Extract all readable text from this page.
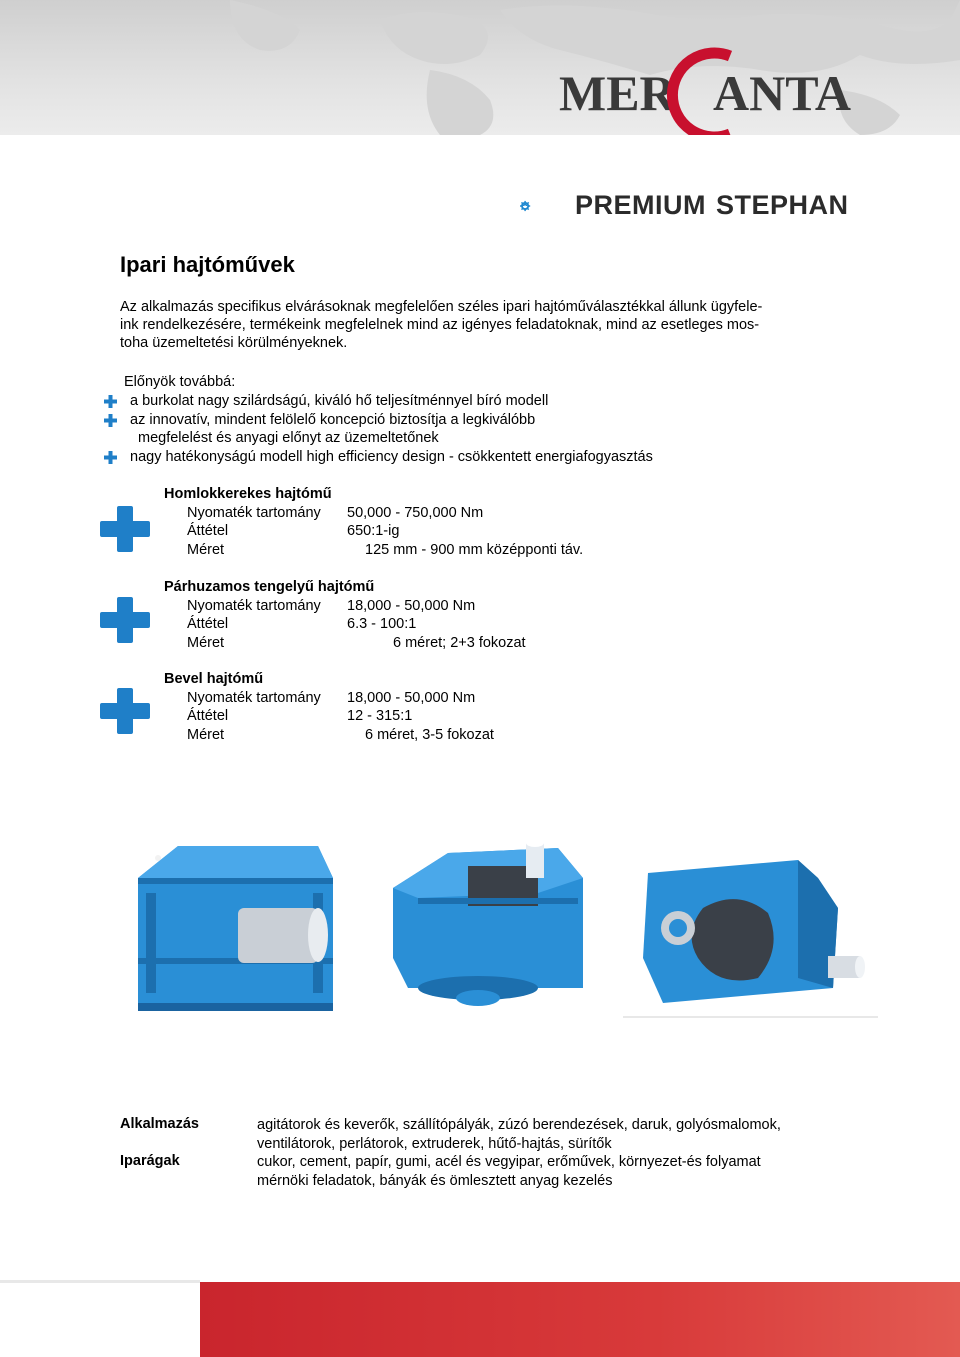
MER ANTA
PREMIUM STEPHAN
Ipari hajtóművek
Az alkalmazás specifikus elvárásoknak megfelelően széles ipari hajtóműválasztékkal állunk ügyfele-
ink rendelkezésére, termékeink megfelelnek mind az igényes feladatoknak, mind az esetleges mos-
toha üzemeltetési körülményeknek.
Előnyök továbbá:
a burkolat nagy szilárdságú, kiváló hő teljesítménnyel bíró modell
az innovatív, mindent felölelő koncepció biztosítja a legkiválóbb
megfelelést és anyagi előnyt az üzemeltetőnek
nagy hatékonyságú modell high efficiency design - csökkentett energiafogyasztás
Homlokkerekes hajtómű
Nyomaték tartomány 50,000 - 750,000 Nm
Áttétel	650:1-ig
Méret	125 mm - 900 mm középponti táv.
Párhuzamos tengelyű hajtómű
Nyomaték tartomány 18,000 - 50,000 Nm
Áttétel	6.3 - 100:1
Méret	6 méret; 2+3 fokozat
Bevel hajtómű
Nyomaték tartomány 18,000 - 50,000 Nm
Áttétel	12 - 315:1
Méret	6 méret, 3-5 fokozat
Alkalmazás	agitátorok és keverők, szállítópályák, zúzó berendezések, daruk, golyósmalomok,
ventilátorok, perlátorok, extruderek, hűtő-hajtás, sürítők
Iparágak	cukor, cement, papír, gumi, acél és vegyipar, erőművek, környezet-és folyamat
mérnöki feladatok, bányák és ömlesztett anyag kezelés
